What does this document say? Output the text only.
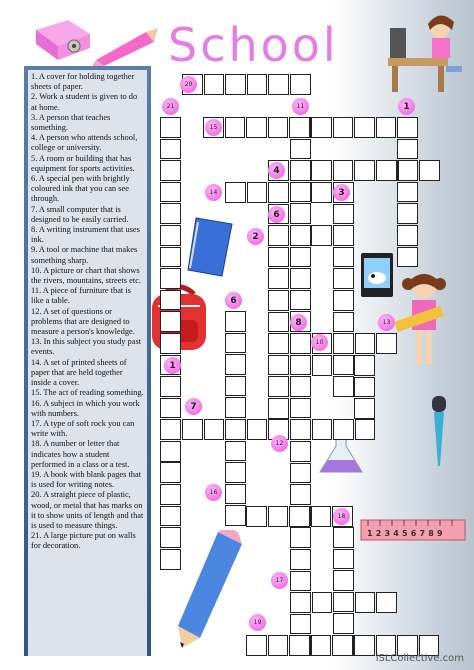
School
1 2 3 4 5 6 7 8 9

1. A cover for holding together sheets of paper.

2. Work a student is given to do at home.

3. A person that teaches something.

4. A person who attends school, college or university.

5. A room or building that has equipment for sports activities.

6. A special pen with brightly coloured ink that you can see through.

7. A small computer that is designed to be easily carried.

8. A writing instrument that uses ink.

9. A tool or machine that makes something sharp.

10. A picture or chart that shows the rivers, mountains, streets etc.

11. A piece of furniture that is like a table.

12. A set of questions or problems that are designed to measure a person's knowledge.

13. In this subject you study past events.

14. A set of printed sheets of paper that are held together inside a cover.

15. The act of reading something.

16. A subject in which you work with numbers.

17. A type of soft rock you can write with.

18. A number or letter that indicates how a student performed in a class or a test.

19. A book with blank pages that is used for writing notes.

20. A straight piece of plastic, wood, or metal that has marks on it to show units of length and that is used to measure things.

21. A large picture put on walls for decoration.

20
21	11	1
15
4
3
14
6
2
6
8	13
10
1
7
12
16
18
17
19
iSLCollective.com
